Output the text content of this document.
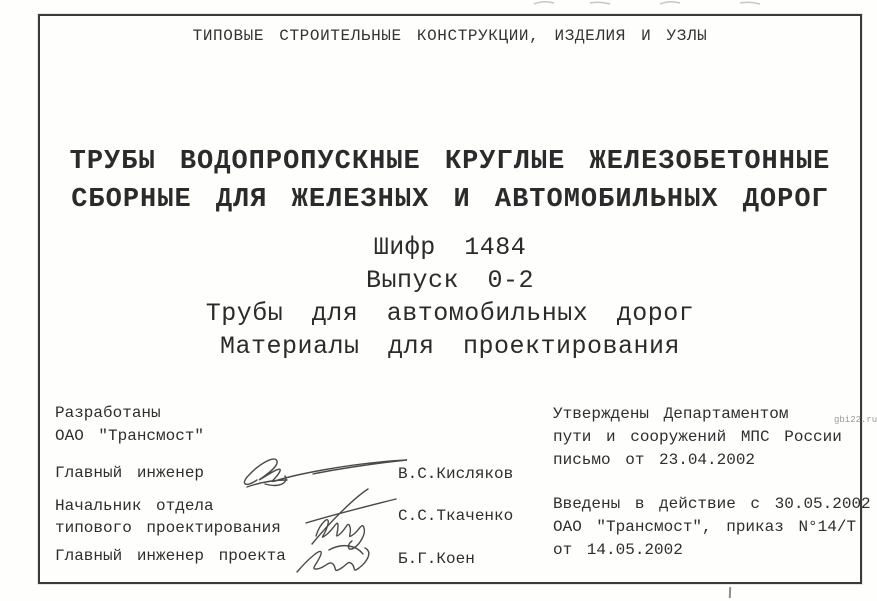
ТИПОВЫЕ СТРОИТЕЛЬНЫЕ КОНСТРУКЦИИ, ИЗДЕЛИЯ И УЗЛЫ
ТРУБЫ ВОДОПРОПУСКНЫЕ КРУГЛЫЕ ЖЕЛЕЗОБЕТОННЫЕ
СБОРНЫЕ ДЛЯ ЖЕЛЕЗНЫХ И АВТОМОБИЛЬНЫХ ДОРОГ
Шифр 1484
Выпуск 0-2
Трубы для автомобильных дорог
Материалы для проектирования
Разработаны
ОАО "Трансмост"
Главный инженер
Начальник отдела
типового проектирования
Главный инженер проекта
В.С.Кисляков
С.С.Ткаченко
Б.Г.Коен
Утверждены Департаментом
пути и сооружений МПС России
письмо от 23.04.2002
Введены в действие с 30.05.2002
ОАО "Трансмост", приказ N°14/Т
от 14.05.2002
gbi22.ru
